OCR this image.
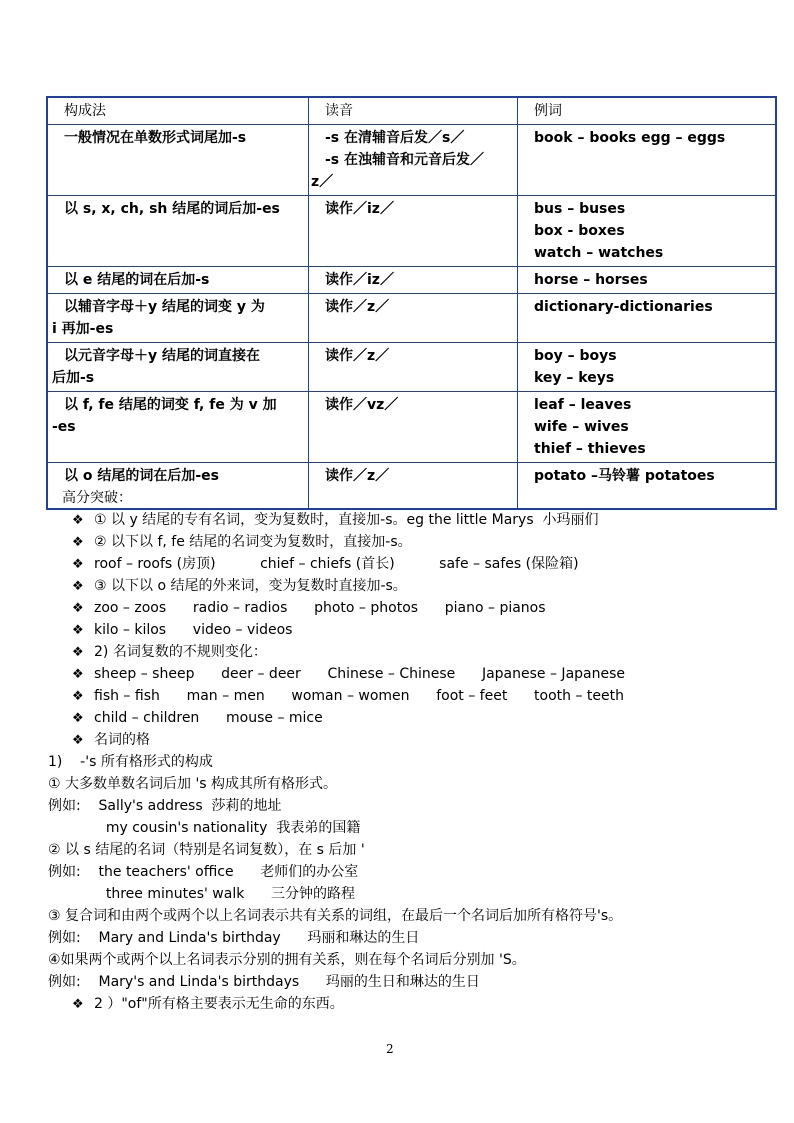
构成法	读音	例词

一般情况在单数形式词尾加-s	-s 在清辅音后发／s／
-s 在浊辅音和元音后发／
z／	book – books egg – eggs

以 s, x, ch, sh 结尾的词后加-es	读作／iz／	bus – buses
box - boxes
watch – watches

以 e 结尾的词在后加-s	读作／iz／	horse – horses

以辅音字母＋y 结尾的词变 y 为
i 再加-es	读作／z／	dictionary-dictionaries

以元音字母＋y 结尾的词直接在
后加-s	读作／z／	boy – boys
key – keys

以 f, fe 结尾的词变 f, fe 为 v 加
-es	读作／vz／	leaf – leaves
wife – wives
thief – thieves

以 o 结尾的词在后加-es	读作／z／	potato –马铃薯 potatoes
高分突破：
❖ ① 以 y 结尾的专有名词，变为复数时，直接加-s。eg the little Marys  小玛丽们
❖ ② 以下以 f, fe 结尾的名词变为复数时，直接加-s。
❖ roof – roofs (房顶)          chief – chiefs (首长)          safe – safes (保险箱)
❖ ③ 以下以 o 结尾的外来词，变为复数时直接加-s。
❖ zoo – zoos      radio – radios      photo – photos      piano – pianos
❖ kilo – kilos      video – videos
❖ 2) 名词复数的不规则变化：
❖ sheep – sheep      deer – deer      Chinese – Chinese      Japanese – Japanese
❖ fish – fish      man – men      woman – women      foot – feet      tooth – teeth
❖ child – children      mouse – mice
❖ 名词的格
1)    -'s 所有格形式的构成
① 大多数单数名词后加 's 构成其所有格形式。
例如:    Sally's address  莎莉的地址
my cousin's nationality  我表弟的国籍
② 以 s 结尾的名词（特别是名词复数），在 s 后加 '
例如:    the teachers' office      老师们的办公室
three minutes' walk      三分钟的路程
③ 复合词和由两个或两个以上名词表示共有关系的词组，在最后一个名词后加所有格符号's。
例如:    Mary and Linda's birthday      玛丽和琳达的生日
④如果两个或两个以上名词表示分别的拥有关系，则在每个名词后分别加 'S。
例如:    Mary's and Linda's birthdays      玛丽的生日和琳达的生日
❖ 2 ）"of"所有格主要表示无生命的东西。
2
